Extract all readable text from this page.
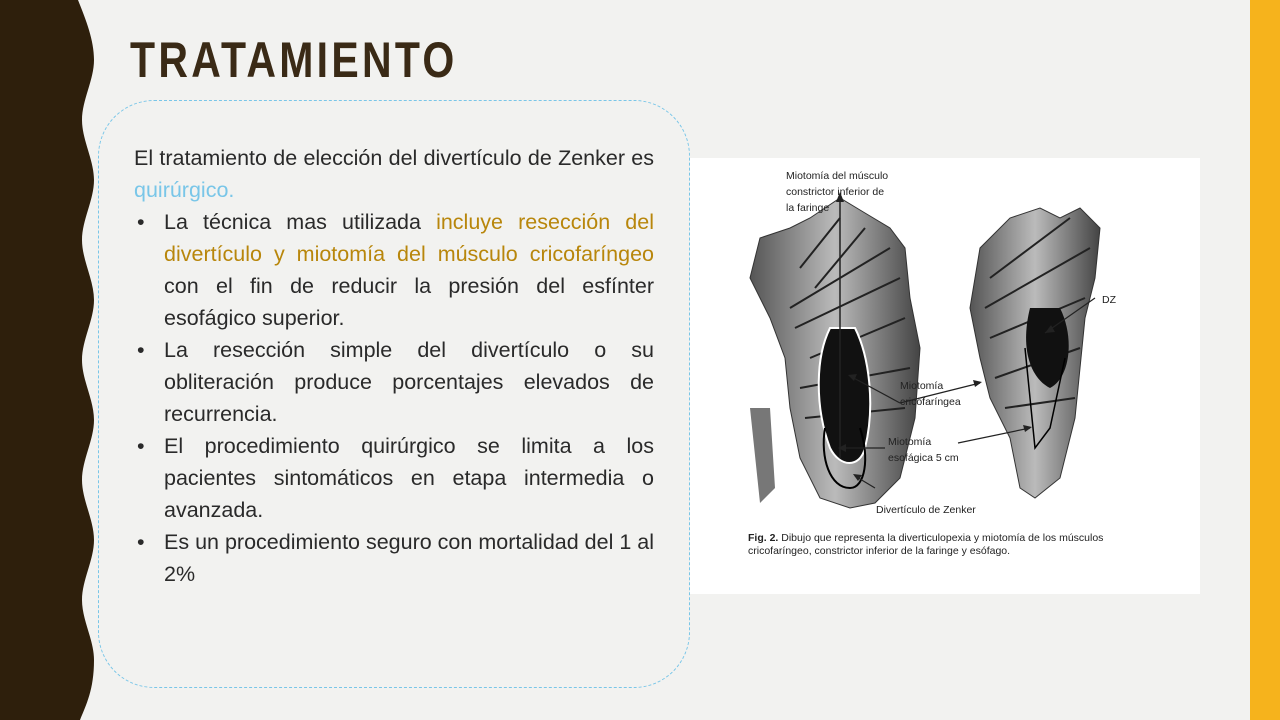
TRATAMIENTO

El tratamiento de elección del divertículo de Zenker es quirúrgico.

• La técnica mas utilizada incluye resección del divertículo y miotomía del músculo cricofaríngeo con el fin de reducir la presión del esfínter esofágico superior.
• La resección simple del divertículo o su obliteración produce porcentajes elevados de recurrencia.
• El procedimiento quirúrgico se limita a los pacientes sintomáticos en etapa intermedia o avanzada.
• Es un procedimiento seguro con mortalidad del 1 al 2%
Miotomía del músculo
constrictor inferior de
la faringe
DZ
Miotomía
cricofaríngea
Miotomía
esofágica 5 cm
Divertículo de Zenker
Fig. 2. Dibujo que representa la diverticulopexia y miotomía de los músculos cricofaríngeo, constrictor inferior de la faringe y esófago.
